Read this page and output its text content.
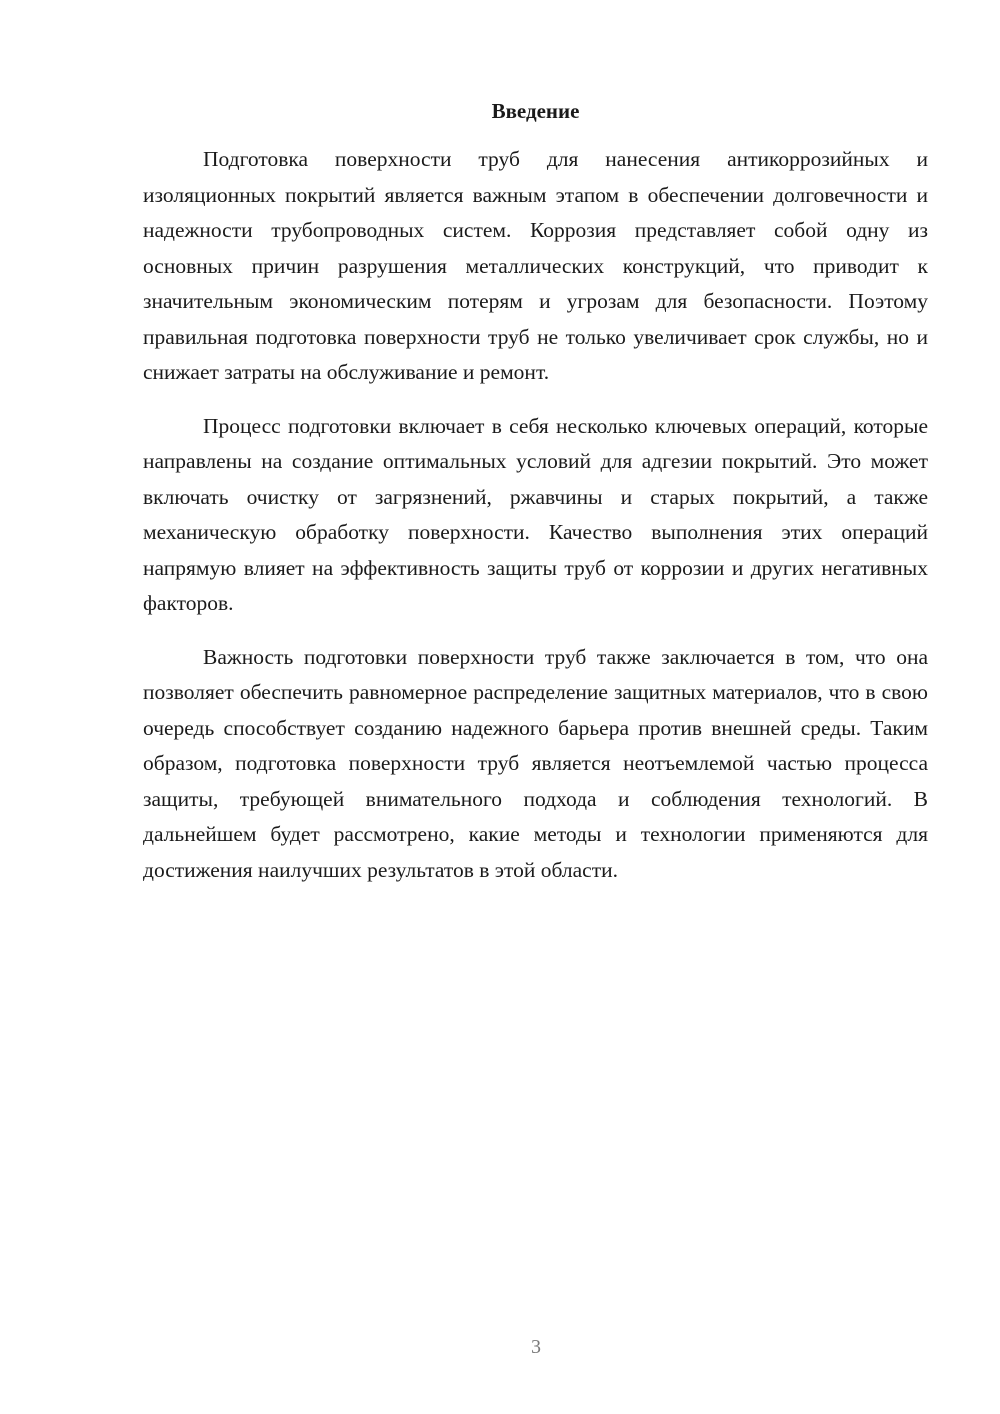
Введение

Подготовка поверхности труб для нанесения антикоррозийных и изоляционных покрытий является важным этапом в обеспечении долговечности и надежности трубопроводных систем. Коррозия представляет собой одну из основных причин разрушения металлических конструкций, что приводит к значительным экономическим потерям и угрозам для безопасности. Поэтому правильная подготовка поверхности труб не только увеличивает срок службы, но и снижает затраты на обслуживание и ремонт.

Процесс подготовки включает в себя несколько ключевых операций, которые направлены на создание оптимальных условий для адгезии покрытий. Это может включать очистку от загрязнений, ржавчины и старых покрытий, а также механическую обработку поверхности. Качество выполнения этих операций напрямую влияет на эффективность защиты труб от коррозии и других негативных факторов.

Важность подготовки поверхности труб также заключается в том, что она позволяет обеспечить равномерное распределение защитных материалов, что в свою очередь способствует созданию надежного барьера против внешней среды. Таким образом, подготовка поверхности труб является неотъемлемой частью процесса защиты, требующей внимательного подхода и соблюдения технологий. В дальнейшем будет рассмотрено, какие методы и технологии применяются для достижения наилучших результатов в этой области.

3
